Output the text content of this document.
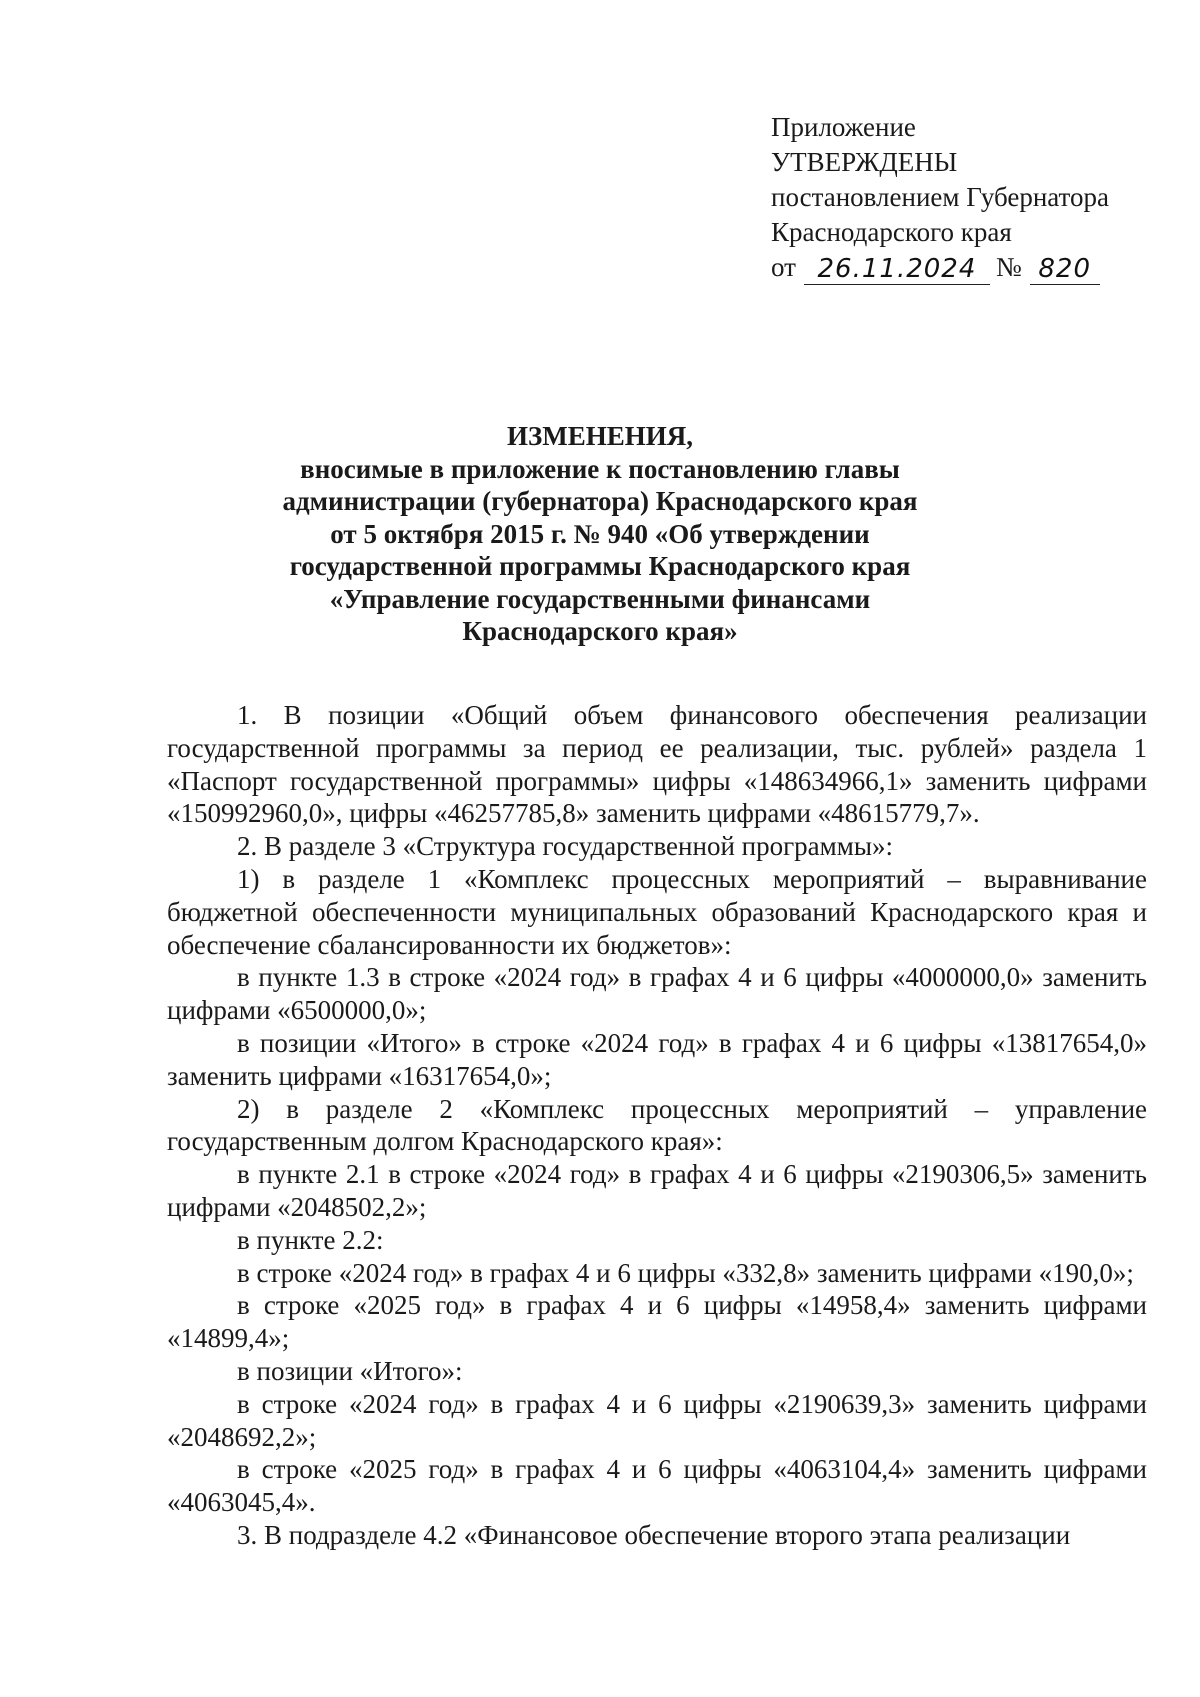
Приложение

УТВЕРЖДЕНЫ

постановлением Губернатора

Краснодарского края

от 26.11.2024 № 820

ИЗМЕНЕНИЯ,

вносимые в приложение к постановлению главы

администрации (губернатора) Краснодарского края

от 5 октября 2015 г. № 940 «Об утверждении

государственной программы Краснодарского края

«Управление государственными финансами

Краснодарского края»

1. В позиции «Общий объем финансового обеспечения реализации государственной программы за период ее реализации, тыс. рублей» раздела 1 «Паспорт государственной программы» цифры «148634966,1» заменить цифрами «150992960,0», цифры «46257785,8» заменить цифрами «48615779,7».

2. В разделе 3 «Структура государственной программы»:

1) в разделе 1 «Комплекс процессных мероприятий – выравнивание бюджетной обеспеченности муниципальных образований Краснодарского края и обеспечение сбалансированности их бюджетов»:

в пункте 1.3 в строке «2024 год» в графах 4 и 6 цифры «4000000,0» заменить цифрами «6500000,0»;

в позиции «Итого» в строке «2024 год» в графах 4 и 6 цифры «13817654,0» заменить цифрами «16317654,0»;

2) в разделе 2 «Комплекс процессных мероприятий – управление государственным долгом Краснодарского края»:

в пункте 2.1 в строке «2024 год» в графах 4 и 6 цифры «2190306,5» заменить цифрами «2048502,2»;

в пункте 2.2:

в строке «2024 год» в графах 4 и 6 цифры «332,8» заменить цифрами «190,0»;

в строке «2025 год» в графах 4 и 6 цифры «14958,4» заменить цифрами «14899,4»;

в позиции «Итого»:

в строке «2024 год» в графах 4 и 6 цифры «2190639,3» заменить цифрами «2048692,2»;

в строке «2025 год» в графах 4 и 6 цифры «4063104,4» заменить цифрами «4063045,4».

3. В подразделе 4.2 «Финансовое обеспечение второго этапа реализации
